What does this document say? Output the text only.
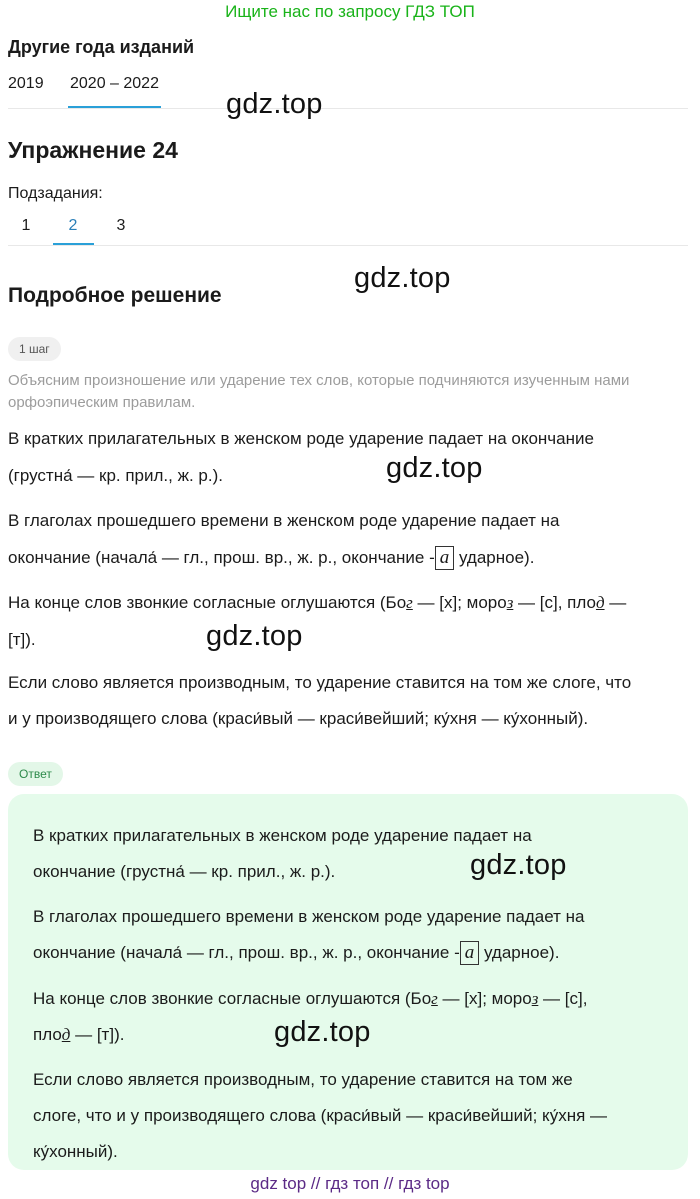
Ищите нас по запросу ГДЗ ТОП
Другие года изданий
2019 2020 – 2022
gdz.top
Упражнение 24
Подзадания:
1	2	3
gdz.top
Подробное решение
1 шаг
Объясним произношение или ударение тех слов, которые подчиняются изученным нами орфоэпическим правилам.
В кратких прилагательных в женском роде ударение падает на окончание
(грустна́ — кр. прил., ж. р.).	gdz.top
В глаголах прошедшего времени в женском роде ударение падает на
окончание (начала́ — гл., прош. вр., ж. р., окончание - а ударное).
На конце слов звонкие согласные оглушаются (Бог — [х]; мороз — [с], плод —
[т]).	gdz.top
Если слово является производным, то ударение ставится на том же слоге, что
и у производящего слова (краси́вый — краси́вейший; ку́хня — ку́хонный).
Ответ
В кратких прилагательных в женском роде ударение падает на
окончание (грустна́ — кр. прил., ж. р.).	gdz.top
В глаголах прошедшего времени в женском роде ударение падает на
окончание (начала́ — гл., прош. вр., ж. р., окончание - а ударное).
На конце слов звонкие согласные оглушаются (Бог — [х]; мороз — [с],
плод — [т]).	gdz.top
Если слово является производным, то ударение ставится на том же
слоге, что и у производящего слова (краси́вый — краси́вейший; ку́хня —
ку́хонный).
gdz top // гдз топ // гдз top
